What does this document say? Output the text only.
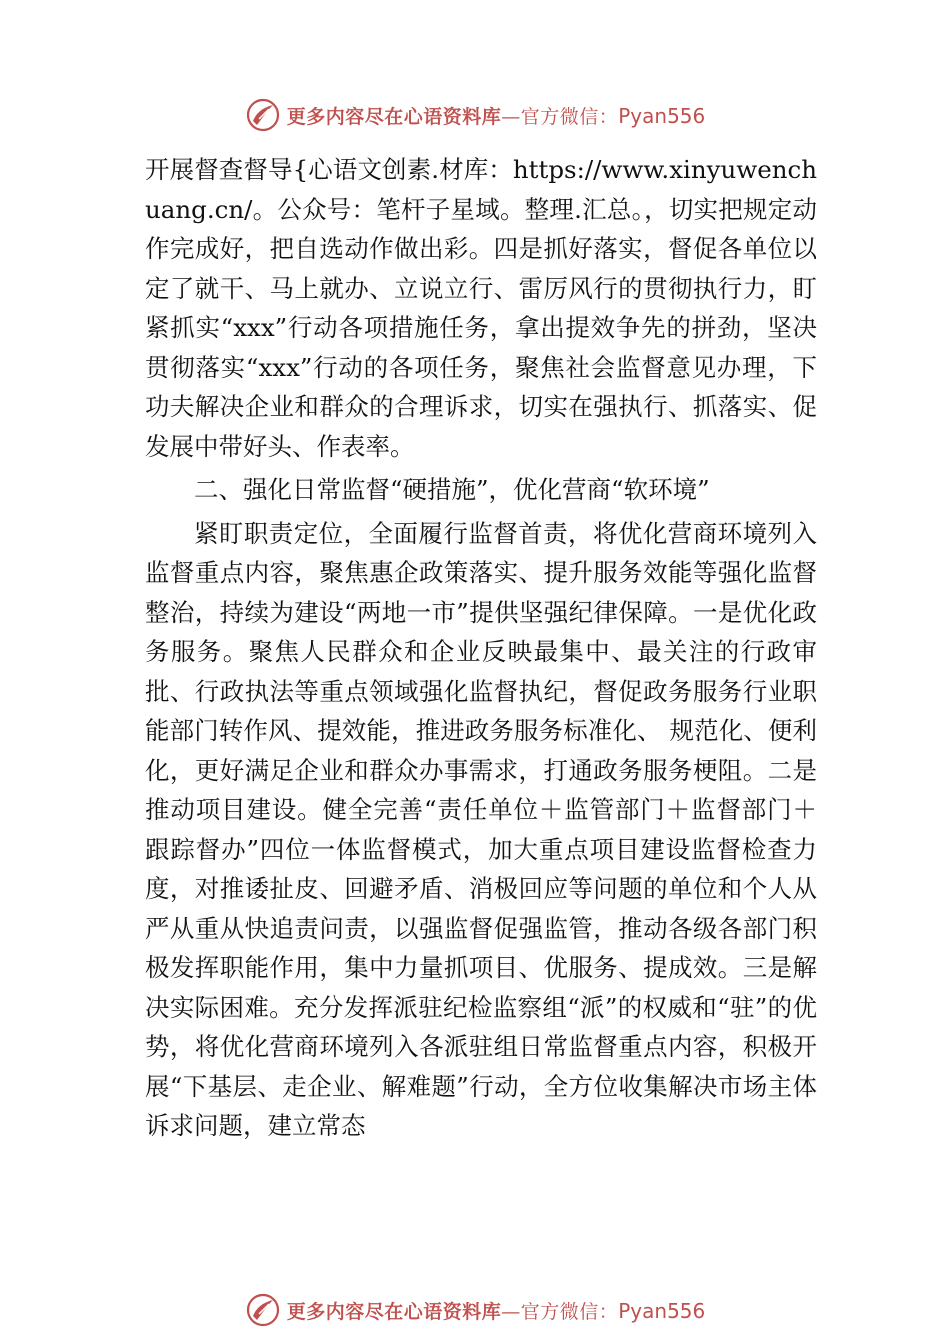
更多内容尽在心语资料库—官方微信：Pyan556

开展督查督导{心语文创素.材库：https://www.xinyuwenchuang.cn/。公众号：笔杆子星域。整理.汇总。，切实把规定动作完成好，把自选动作做出彩。四是抓好落实，督促各单位以定了就干、马上就办、立说立行、雷厉风行的贯彻执行力，盯紧抓实“xxx”行动各项措施任务，拿出提效争先的拼劲，坚决贯彻落实“xxx”行动的各项任务，聚焦社会监督意见办理，下功夫解决企业和群众的合理诉求，切实在强执行、抓落实、促发展中带好头、作表率。

二、强化日常监督“硬措施”，优化营商“软环境”

紧盯职责定位，全面履行监督首责，将优化营商环境列入监督重点内容，聚焦惠企政策落实、提升服务效能等强化监督整治，持续为建设“两地一市”提供坚强纪律保障。一是优化政务服务。聚焦人民群众和企业反映最集中、最关注的行政审批、行政执法等重点领域强化监督执纪，督促政务服务行业职能部门转作风、提效能，推进政务服务标准化、 规范化、便利化，更好满足企业和群众办事需求，打通政务服务梗阻。二是推动项目建设。健全完善“责任单位＋监管部门＋监督部门＋跟踪督办”四位一体监督模式，加大重点项目建设监督检查力度，对推诿扯皮、回避矛盾、消极回应等问题的单位和个人从严从重从快追责问责，以强监督促强监管，推动各级各部门积极发挥职能作用，集中力量抓项目、优服务、提成效。三是解决实际困难。充分发挥派驻纪检监察组“派”的权威和“驻”的优势，将优化营商环境列入各派驻组日常监督重点内容，积极开展“下基层、走企业、解难题”行动，全方位收集解决市场主体诉求问题，建立常态

更多内容尽在心语资料库—官方微信：Pyan556
